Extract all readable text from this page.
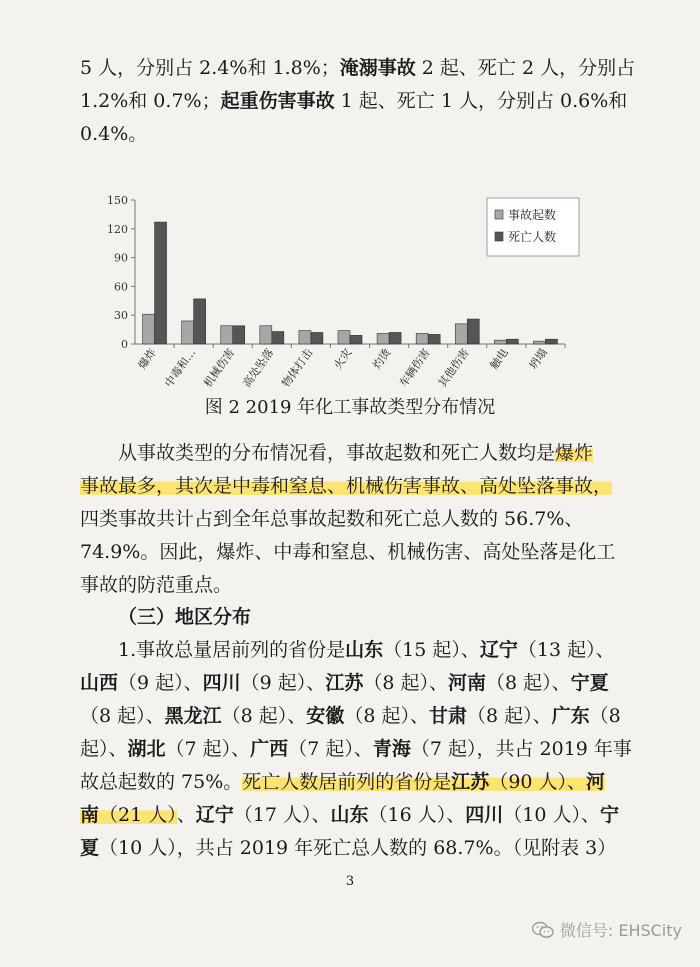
5 人，分别占 2.4%和 1.8%；淹溺事故 2 起、死亡 2 人，分别占
1.2%和 0.7%；起重伤害事故 1 起、死亡 1 人，分别占 0.6%和
0.4%。
150
120
90
60
30
0
爆炸 中毒和… 机械伤害 高处坠落 物体打击 火灾 灼烫 车辆伤害 其他伤害 触电 坍塌
事故起数
死亡人数
图 2 2019 年化工事故类型分布情况
从事故类型的分布情况看，事故起数和死亡人数均是爆炸
事故最多，其次是中毒和窒息、机械伤害事故、高处坠落事故，
四类事故共计占到全年总事故起数和死亡总人数的 56.7%、
74.9%。因此，爆炸、中毒和窒息、机械伤害、高处坠落是化工
事故的防范重点。
（三）地区分布
1.事故总量居前列的省份是山东（15 起）、辽宁（13 起）、
山西（9 起）、四川（9 起）、江苏（8 起）、河南（8 起）、宁夏
（8 起）、黑龙江（8 起）、安徽（8 起）、甘肃（8 起）、广东（8
起）、湖北（7 起）、广西（7 起）、青海（7 起），共占 2019 年事
故总起数的 75%。死亡人数居前列的省份是江苏（90 人）、河
南（21 人）、辽宁（17 人）、山东（16 人）、四川（10 人）、宁
夏（10 人），共占 2019 年死亡总人数的 68.7%。（见附表 3）
3
微信号: EHSCity
